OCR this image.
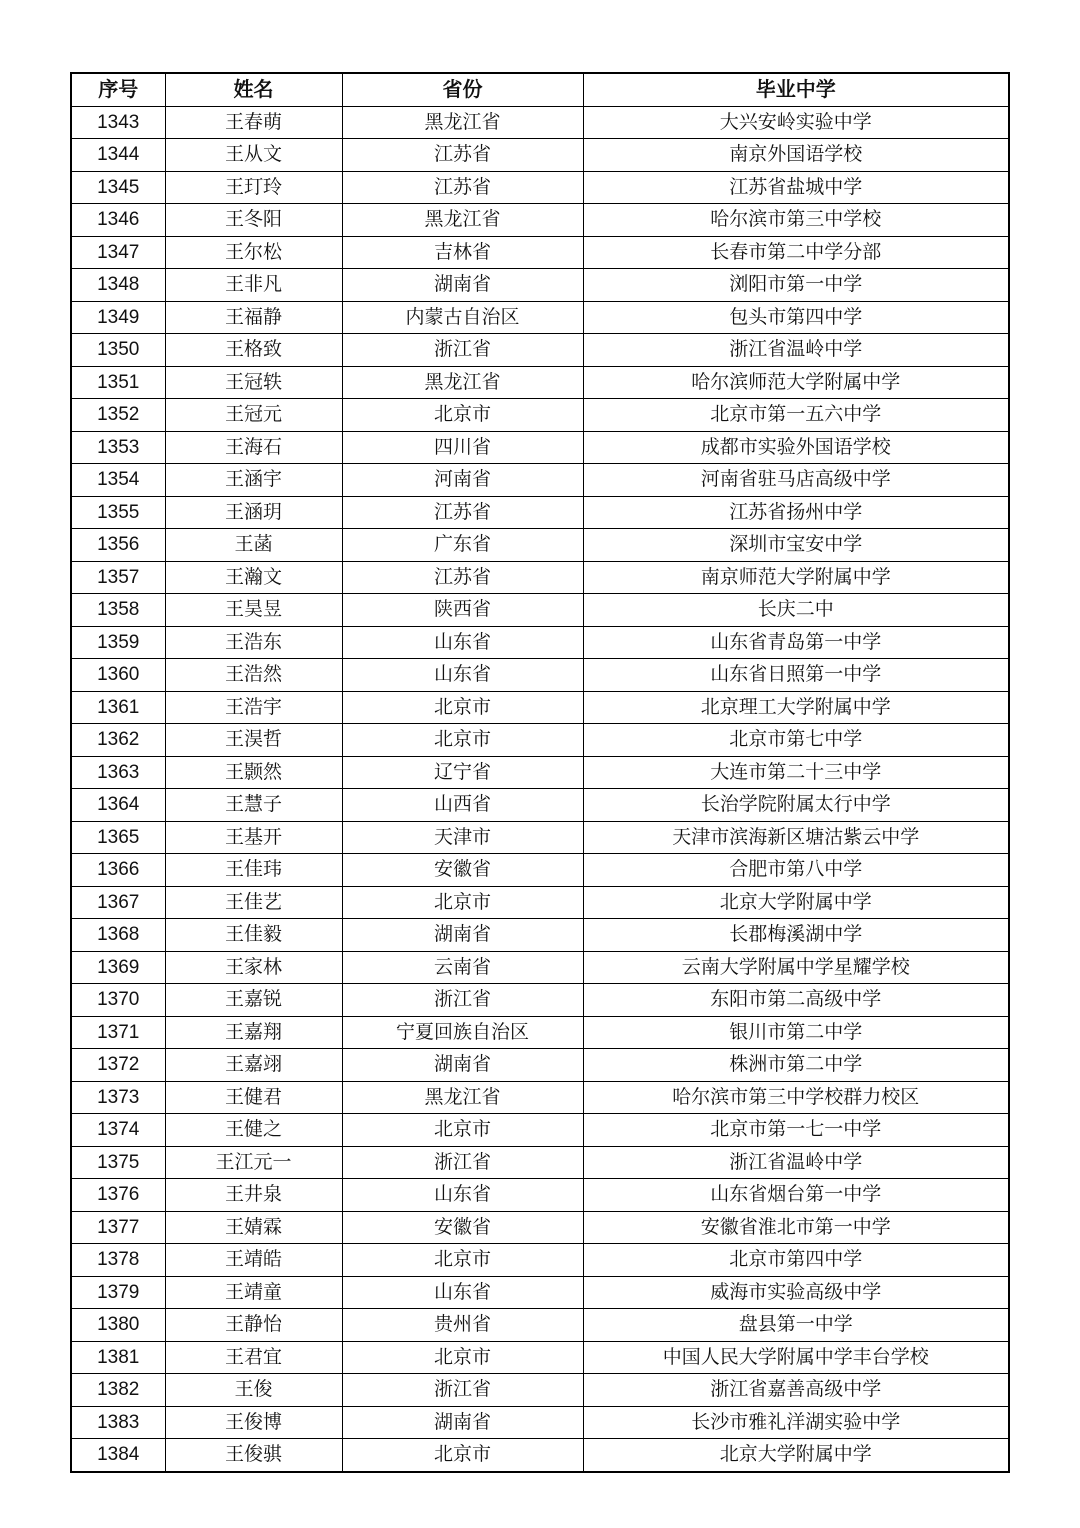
序号	姓名	省份	毕业中学
1343	王春萌	黑龙江省	大兴安岭实验中学
1344	王从文	江苏省	南京外国语学校
1345	王玎玲	江苏省	江苏省盐城中学
1346	王冬阳	黑龙江省	哈尔滨市第三中学校
1347	王尔松	吉林省	长春市第二中学分部
1348	王非凡	湖南省	浏阳市第一中学
1349	王福静	内蒙古自治区	包头市第四中学
1350	王格致	浙江省	浙江省温岭中学
1351	王冠轶	黑龙江省	哈尔滨师范大学附属中学
1352	王冠元	北京市	北京市第一五六中学
1353	王海石	四川省	成都市实验外国语学校
1354	王涵宇	河南省	河南省驻马店高级中学
1355	王涵玥	江苏省	江苏省扬州中学
1356	王菡	广东省	深圳市宝安中学
1357	王瀚文	江苏省	南京师范大学附属中学
1358	王昊昱	陕西省	长庆二中
1359	王浩东	山东省	山东省青岛第一中学
1360	王浩然	山东省	山东省日照第一中学
1361	王浩宇	北京市	北京理工大学附属中学
1362	王淏哲	北京市	北京市第七中学
1363	王颢然	辽宁省	大连市第二十三中学
1364	王慧子	山西省	长治学院附属太行中学
1365	王基开	天津市	天津市滨海新区塘沽紫云中学
1366	王佳玮	安徽省	合肥市第八中学
1367	王佳艺	北京市	北京大学附属中学
1368	王佳毅	湖南省	长郡梅溪湖中学
1369	王家林	云南省	云南大学附属中学星耀学校
1370	王嘉锐	浙江省	东阳市第二高级中学
1371	王嘉翔	宁夏回族自治区	银川市第二中学
1372	王嘉翊	湖南省	株洲市第二中学
1373	王健君	黑龙江省	哈尔滨市第三中学校群力校区
1374	王健之	北京市	北京市第一七一中学
1375	王江元一	浙江省	浙江省温岭中学
1376	王井泉	山东省	山东省烟台第一中学
1377	王婧霖	安徽省	安徽省淮北市第一中学
1378	王靖皓	北京市	北京市第四中学
1379	王靖童	山东省	威海市实验高级中学
1380	王静怡	贵州省	盘县第一中学
1381	王君宜	北京市	中国人民大学附属中学丰台学校
1382	王俊	浙江省	浙江省嘉善高级中学
1383	王俊博	湖南省	长沙市雅礼洋湖实验中学
1384	王俊骐	北京市	北京大学附属中学
